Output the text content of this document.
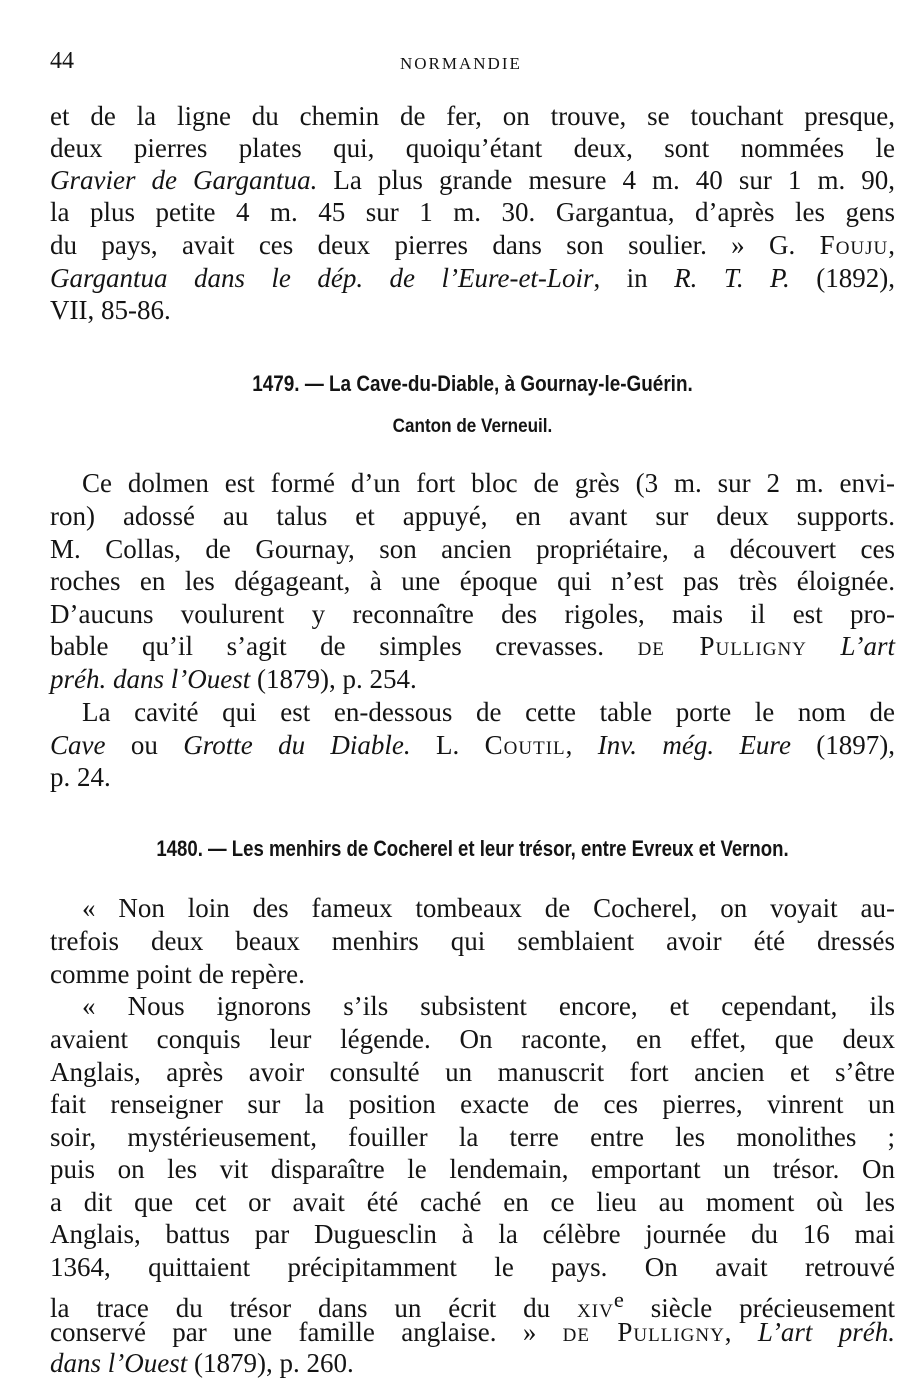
44	NORMANDIE
et de la ligne du chemin de fer, on trouve, se touchant presque,
deux pierres plates qui, quoiqu’étant deux, sont nommées le
Gravier de Gargantua. La plus grande mesure 4 m. 40 sur 1 m. 90,
la plus petite 4 m. 45 sur 1 m. 30. Gargantua, d’après les gens
du pays, avait ces deux pierres dans son soulier. » G. Fouju,
Gargantua dans le dép. de l’Eure-et-Loir, in R. T. P. (1892),
VII, 85-86.
1479. — La Cave-du-Diable, à Gournay-le-Guérin.
Canton de Verneuil.
Ce dolmen est formé d’un fort bloc de grès (3 m. sur 2 m. envi-
ron) adossé au talus et appuyé, en avant sur deux supports.
M. Collas, de Gournay, son ancien propriétaire, a découvert ces
roches en les dégageant, à une époque qui n’est pas très éloignée.
D’aucuns voulurent y reconnaître des rigoles, mais il est pro-
bable qu’il s’agit de simples crevasses. de Pulligny L’art
préh. dans l’Ouest (1879), p. 254.
La cavité qui est en-dessous de cette table porte le nom de
Cave ou Grotte du Diable. L. Coutil, Inv. még. Eure (1897),
p. 24.
1480. — Les menhirs de Cocherel et leur trésor, entre Evreux et Vernon.
« Non loin des fameux tombeaux de Cocherel, on voyait au-
trefois deux beaux menhirs qui semblaient avoir été dressés
comme point de repère.
« Nous ignorons s’ils subsistent encore, et cependant, ils
avaient conquis leur légende. On raconte, en effet, que deux
Anglais, après avoir consulté un manuscrit fort ancien et s’être
fait renseigner sur la position exacte de ces pierres, vinrent un
soir, mystérieusement, fouiller la terre entre les monolithes ;
puis on les vit disparaître le lendemain, emportant un trésor. On
a dit que cet or avait été caché en ce lieu au moment où les
Anglais, battus par Duguesclin à la célèbre journée du 16 mai
1364, quittaient précipitamment le pays. On avait retrouvé
la trace du trésor dans un écrit du xiv$^e$ siècle précieusement
conservé par une famille anglaise. » de Pulligny, L’art préh.
dans l’Ouest (1879), p. 260.
